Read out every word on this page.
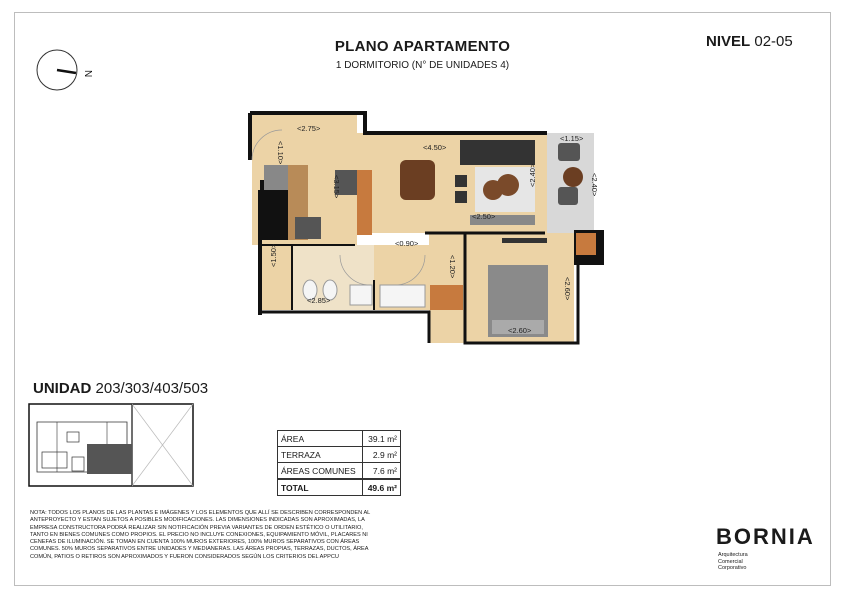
PLANO APARTAMENTO
1 DORMITORIO (N° DE UNIDADES 4)
NIVEL 02-05
N
<2.75>
<1.10>	<4.50>
<3.15>	<2.40>
<2.50>
<1.15>
<2.40>
<0.90>
<1.20>
<1.50>
<2.85>
<2.60>
<2.60>
UNIDAD 203/303/403/503
ÁREA	39.1 m²
TERRAZA	2.9 m²
ÁREAS COMUNES	7.6 m²
TOTAL	49.6 m²
NOTA: TODOS LOS PLANOS DE LAS PLANTAS E IMÁGENES Y LOS ELEMENTOS QUE ALLÍ SE DESCRIBEN CORRESPONDEN AL ANTEPROYECTO Y ESTAN SUJETOS A POSIBLES MODIFICACIONES. LAS DIMENSIONES INDICADAS SON APROXIMADAS, LA EMPRESA CONSTRUCTORA PODRÁ REALIZAR SIN NOTIFICACIÓN PREVIA VARIANTES DE ORDEN ESTÉTICO O UTILITARIO, TANTO EN BIENES COMUNES COMO PROPIOS. EL PRECIO NO INCLUYE CONEXIONES, EQUIPAMIENTO MÓVIL, PLACARES NI CENEFAS DE ILUMINACIÓN. SE TOMAN EN CUENTA 100% MUROS EXTERIORES, 100% MUROS SEPARATIVOS CON ÁREAS COMUNES. 50% MUROS SEPARATIVOS ENTRE UNIDADES Y MEDIANERAS. LAS ÁREAS PROPIAS, TERRAZAS, DUCTOS, ÁREA COMÚN, PATIOS O RETIROS SON APROXIMADOS Y FUERON CONSIDERADOS SEGÚN LOS CRITERIOS DEL APPCU
BORNIA
Arquitectura
Comercial
Corporativo
